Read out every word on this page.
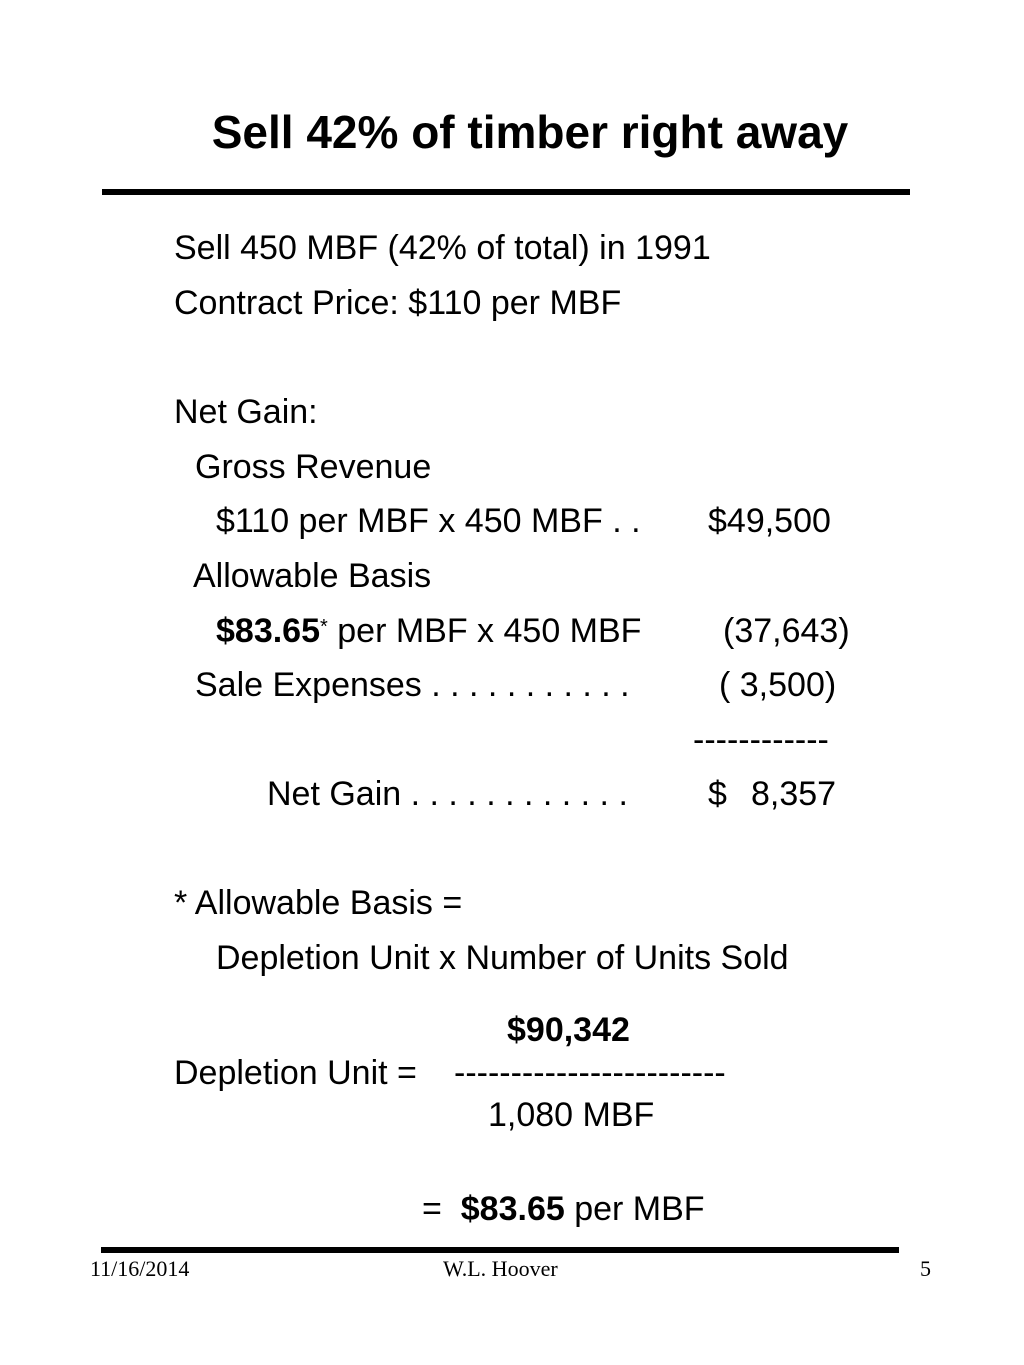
Sell 42% of timber right away
Sell 450 MBF (42% of total) in 1991
Contract Price: $110 per MBF
Net Gain:
Gross Revenue
$110 per MBF x 450 MBF . . $49,500
Allowable Basis
$83.65* per MBF x 450 MBF (37,643)
Sale Expenses . . . . . . . . . . .	( 3,500)
------------
Net Gain . . . . . . . . . . . . $ 8,357
* Allowable Basis =
Depletion Unit x Number of Units Sold
$90,342
Depletion Unit = ------------------------
1,080 MBF
= $83.65 per MBF
11/16/2014	W.L. Hoover	5
